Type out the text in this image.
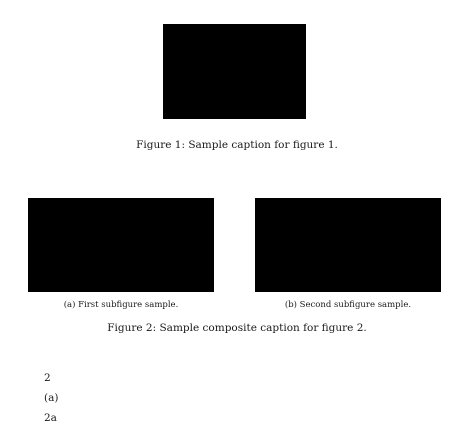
Figure 1: Sample caption for figure 1.
(a) First subfigure sample.	(b) Second subfigure sample.
Figure 2: Sample composite caption for figure 2.
2
(a)
2a
